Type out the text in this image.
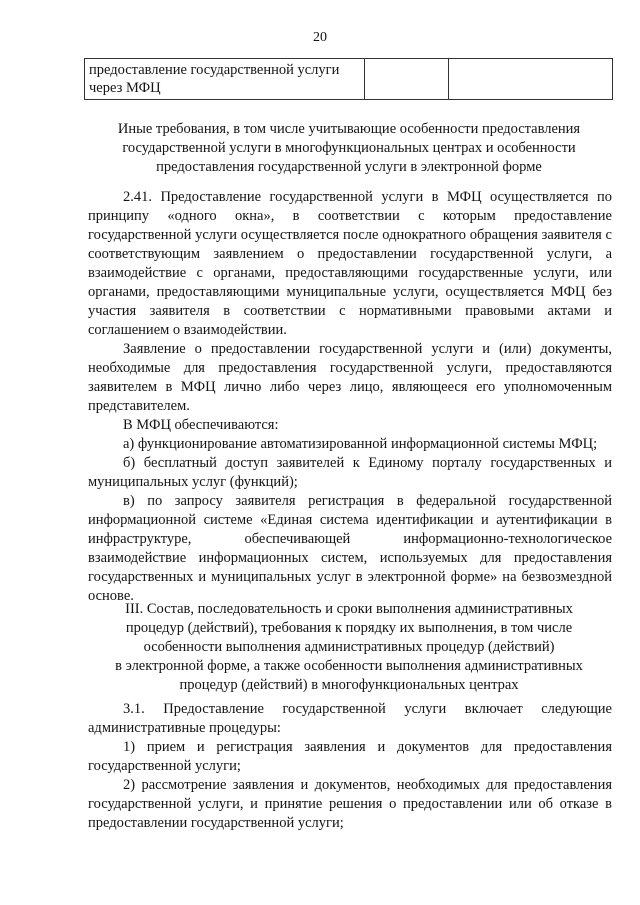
20
предоставление государственной услуги через МФЦ		
Иные требования, в том числе учитывающие особенности предоставления
государственной услуги в многофункциональных центрах и особенности
предоставления государственной услуги в электронной форме

2.41. Предоставление государственной услуги в МФЦ осуществляется по принципу «одного окна», в соответствии с которым предоставление государственной услуги осуществляется после однократного обращения заявителя с соответствующим заявлением о предоставлении государственной услуги, а взаимодействие с органами, предоставляющими государственные услуги, или органами, предоставляющими муниципальные услуги, осуществляется МФЦ без участия заявителя в соответствии с нормативными правовыми актами и соглашением о взаимодействии.

Заявление о предоставлении государственной услуги и (или) документы, необходимые для предоставления государственной услуги, предоставляются заявителем в МФЦ лично либо через лицо, являющееся его уполномоченным представителем.

В МФЦ обеспечиваются:

а) функционирование автоматизированной информационной системы МФЦ;

б) бесплатный доступ заявителей к Единому порталу государственных и муниципальных услуг (функций);

в) по запросу заявителя регистрация в федеральной государственной информационной системе «Единая система идентификации и аутентификации в инфраструктуре, обеспечивающей информационно-технологическое взаимодействие информационных систем, используемых для предоставления государственных и муниципальных услуг в электронной форме» на безвозмездной основе.

III. Состав, последовательность и сроки выполнения административных
процедур (действий), требования к порядку их выполнения, в том числе
особенности выполнения административных процедур (действий)
в электронной форме, а также особенности выполнения административных
процедур (действий) в многофункциональных центрах

3.1. Предоставление государственной услуги включает следующие административные процедуры:

1) прием и регистрация заявления и документов для предоставления государственной услуги;

2) рассмотрение заявления и документов, необходимых для предоставления государственной услуги, и принятие решения о предоставлении или об отказе в предоставлении государственной услуги;
